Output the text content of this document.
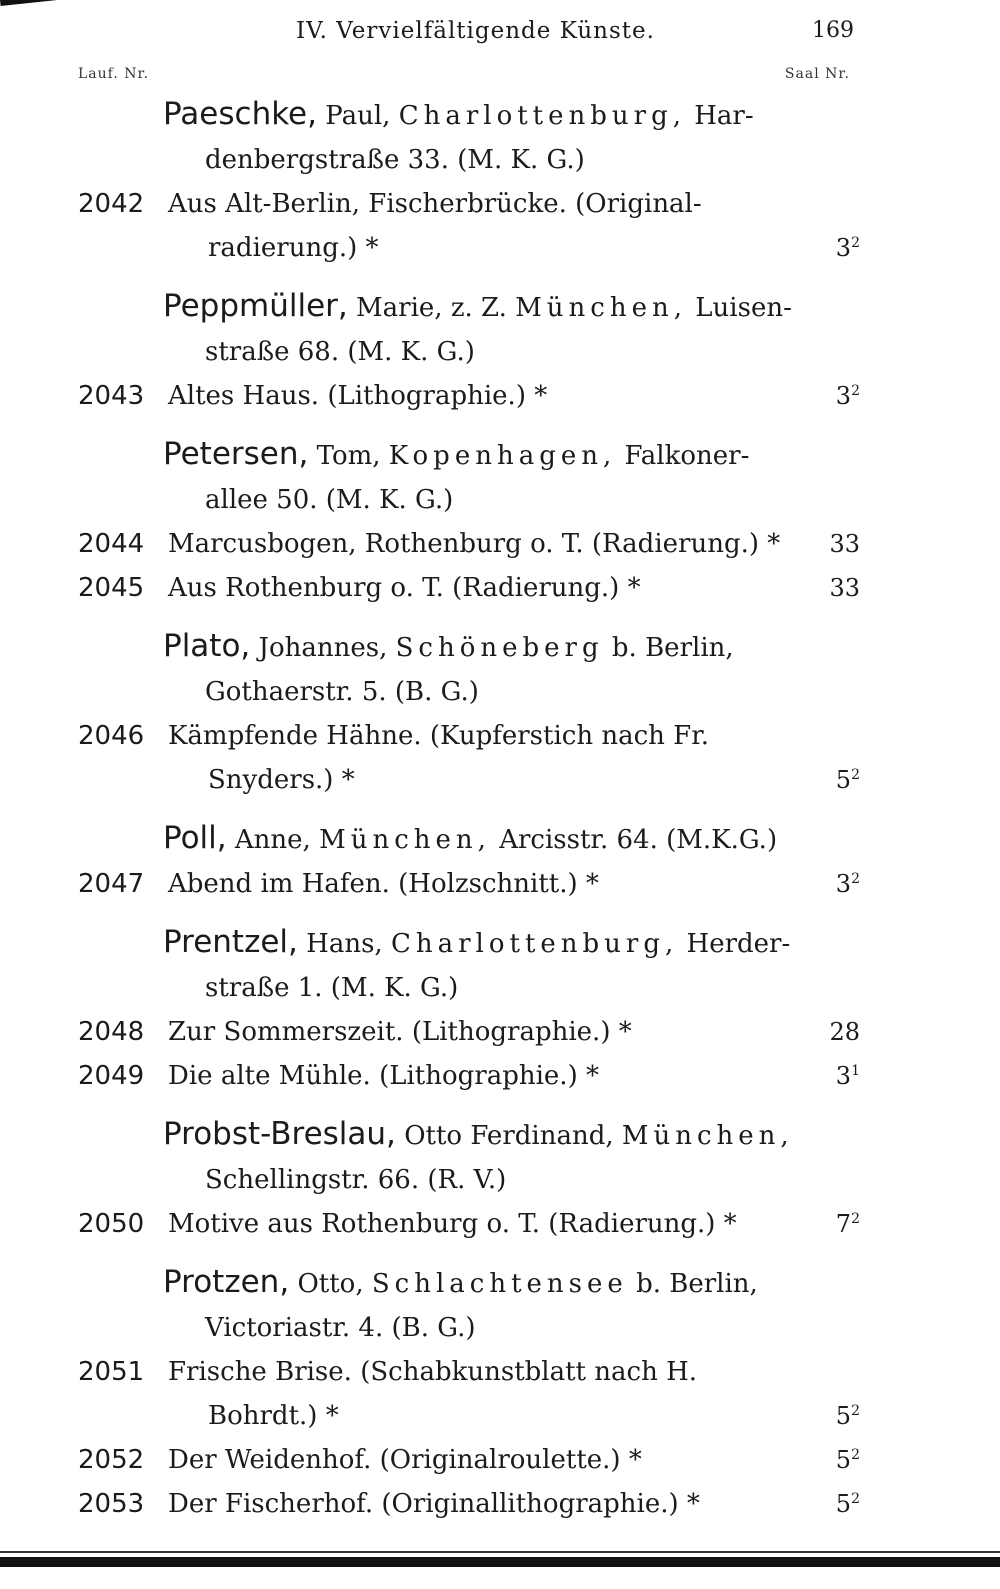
IV. Vervielfältigende Künste.	169
Lauf. Nr.	Saal Nr.
Paeschke, Paul, Charlottenburg, Har-
denbergstraße 33. (M. K. G.)
2042 Aus Alt-Berlin, Fischerbrücke. (Original-
radierung.) *	$3^2$
Peppmüller, Marie, z. Z. München, Luisen-
straße 68. (M. K. G.)
2043 Altes Haus. (Lithographie.) *	$3^2$
Petersen, Tom, Kopenhagen, Falkoner-
allee 50. (M. K. G.)
2044 Marcusbogen, Rothenburg o. T. (Radierung.) *	33
2045 Aus Rothenburg o. T. (Radierung.) *	33
Plato, Johannes, Schöneberg b. Berlin,
Gothaerstr. 5. (B. G.)
2046 Kämpfende Hähne. (Kupferstich nach Fr.
Snyders.) *	$5^2$
Poll, Anne, München, Arcisstr. 64. (M.K.G.)
2047 Abend im Hafen. (Holzschnitt.) *	$3^2$
Prentzel, Hans, Charlottenburg, Herder-
straße 1. (M. K. G.)
2048 Zur Sommerszeit. (Lithographie.) *	28
2049 Die alte Mühle. (Lithographie.) *	$3^1$
Probst-Breslau, Otto Ferdinand, München,
Schellingstr. 66. (R. V.)
2050 Motive aus Rothenburg o. T. (Radierung.) *	$7^2$
Protzen, Otto, Schlachtensee b. Berlin,
Victoriastr. 4. (B. G.)
2051 Frische Brise. (Schabkunstblatt nach H.
Bohrdt.) *	$5^2$
2052 Der Weidenhof. (Originalroulette.) *	$5^2$
2053 Der Fischerhof. (Originallithographie.) *	$5^2$
